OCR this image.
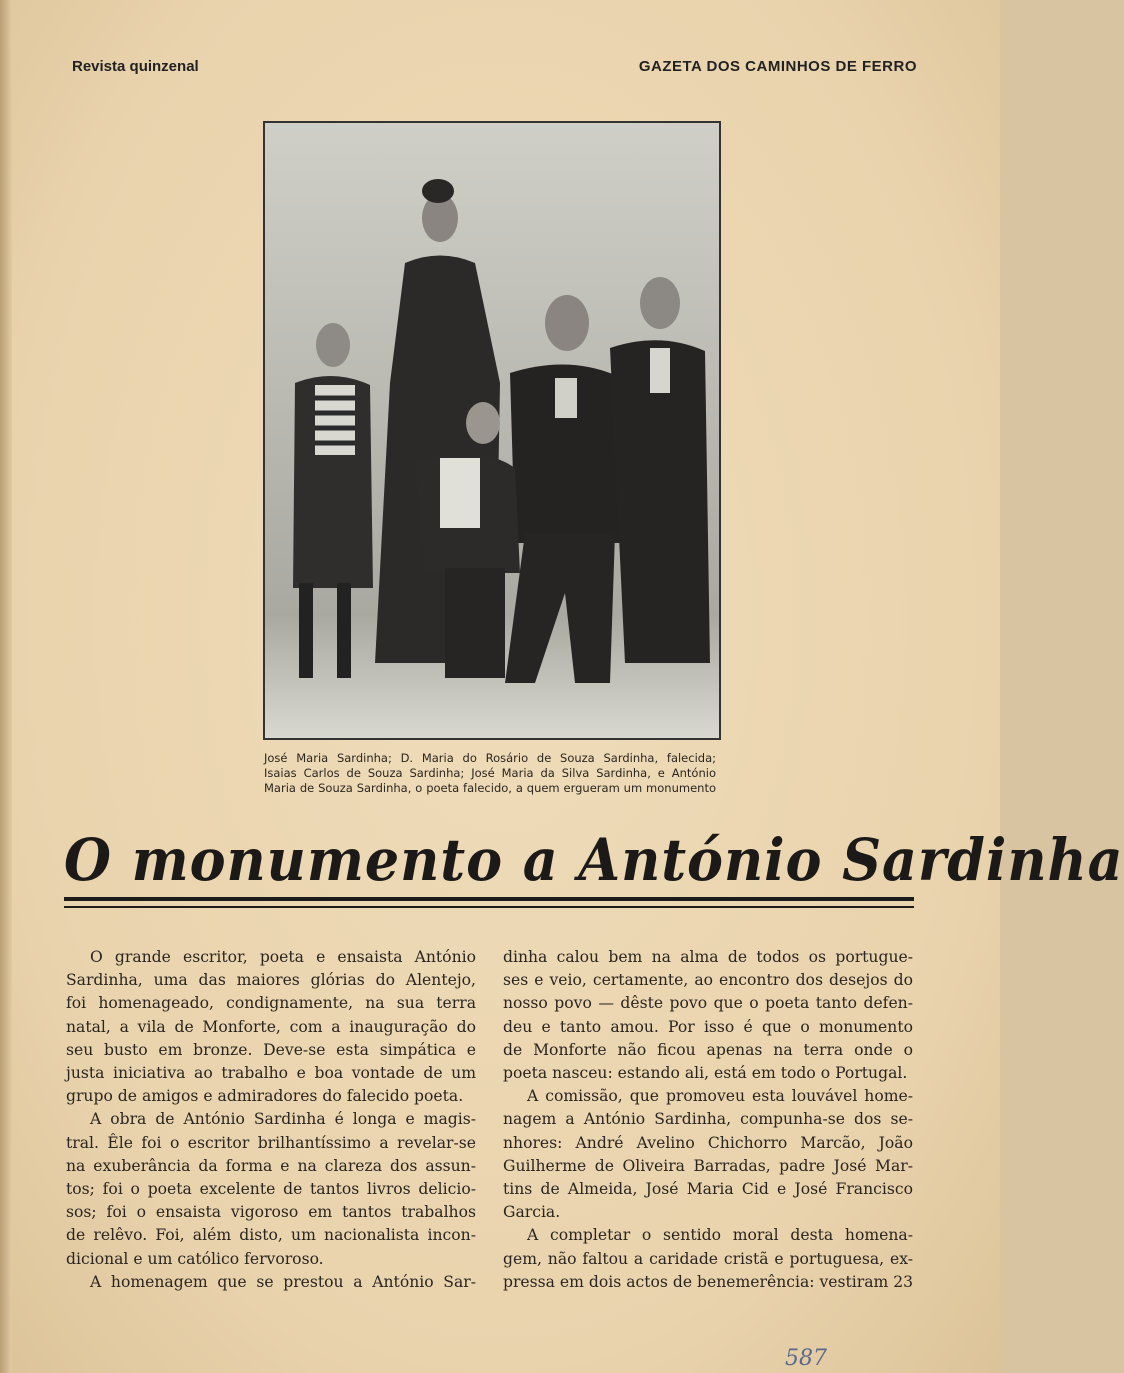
Revista quinzenal	GAZETA DOS CAMINHOS DE FERRO
José Maria Sardinha; D. Maria do Rosário de Souza Sardinha, falecida;
Isaias Carlos de Souza Sardinha; José Maria da Silva Sardinha, e António
Maria de Souza Sardinha, o poeta falecido, a quem ergueram um monumento
O monumento a António Sardinha
O grande escritor, poeta e ensaista António
Sardinha, uma das maiores glórias do Alentejo,
foi homenageado, condignamente, na sua terra
natal, a vila de Monforte, com a inauguração do
seu busto em bronze. Deve-se esta simpática e
justa iniciativa ao trabalho e boa vontade de um
grupo de amigos e admiradores do falecido poeta.
A obra de António Sardinha é longa e magis-
tral. Êle foi o escritor brilhantíssimo a revelar-se
na exuberância da forma e na clareza dos assun-
tos; foi o poeta excelente de tantos livros delicio-
sos; foi o ensaista vigoroso em tantos trabalhos
de relêvo. Foi, além disto, um nacionalista incon-
dicional e um católico fervoroso.
A homenagem que se prestou a António Sar-
dinha calou bem na alma de todos os portugue-
ses e veio, certamente, ao encontro dos desejos do
nosso povo — dêste povo que o poeta tanto defen-
deu e tanto amou. Por isso é que o monumento
de Monforte não ficou apenas na terra onde o
poeta nasceu: estando ali, está em todo o Portugal.
A comissão, que promoveu esta louvável home-
nagem a António Sardinha, compunha-se dos se-
nhores: André Avelino Chichorro Marcão, João
Guilherme de Oliveira Barradas, padre José Mar-
tins de Almeida, José Maria Cid e José Francisco
Garcia.
A completar o sentido moral desta homena-
gem, não faltou a caridade cristã e portuguesa, ex-
pressa em dois actos de benemerência: vestiram 23
587
